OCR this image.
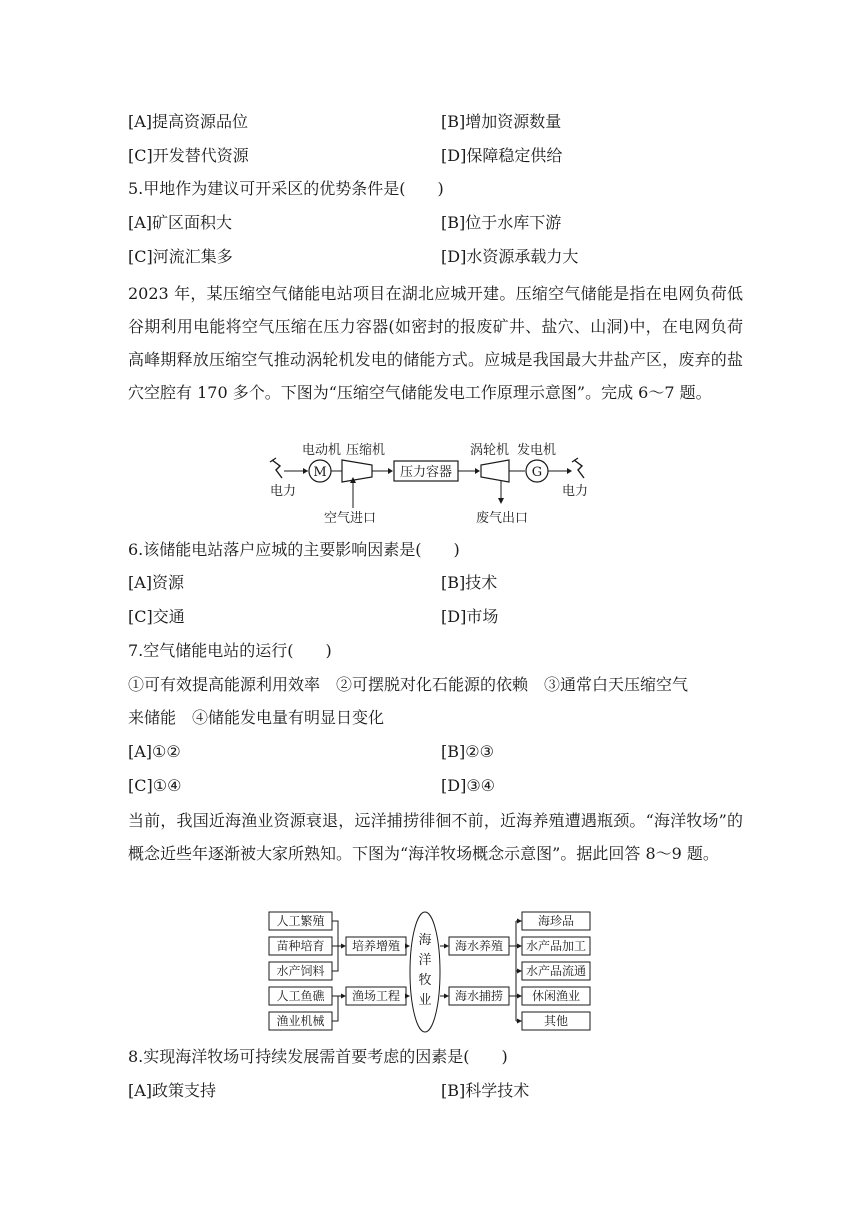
[A]提高资源品位	[B]增加资源数量
[C]开发替代资源	[D]保障稳定供给
5.甲地作为建议可开采区的优势条件是(　　)
[A]矿区面积大	[B]位于水库下游
[C]河流汇集多	[D]水资源承载力大
2023 年，某压缩空气储能电站项目在湖北应城开建。压缩空气储能是指在电网负荷低谷期利用电能将空气压缩在压力容器(如密封的报废矿井、盐穴、山洞)中，在电网负荷高峰期释放压缩空气推动涡轮机发电的储能方式。应城是我国最大井盐产区，废弃的盐穴空腔有 170 多个。下图为“压缩空气储能发电工作原理示意图”。完成 6～7 题。
电力
M
电动机 压缩机
空气进口
压力容器
涡轮机
废气出口
G
发电机
电力
6.该储能电站落户应城的主要影响因素是(　　)
[A]资源	[B]技术
[C]交通	[D]市场
7.空气储能电站的运行(　　)
①可有效提高能源利用效率　②可摆脱对化石能源的依赖　③通常白天压缩空气
来储能　④储能发电量有明显日变化
[A]①②	[B]②③
[C]①④	[D]③④
当前，我国近海渔业资源衰退，远洋捕捞徘徊不前，近海养殖遭遇瓶颈。“海洋牧场”的概念近些年逐渐被大家所熟知。下图为“海洋牧场概念示意图”。据此回答 8～9 题。
人工繁殖
苗种培育
水产饲料
人工鱼礁
渔业机械
培养增殖
渔场工程
海
洋
牧
业
海水养殖
海水捕捞
海珍品
水产品加工
水产品流通
休闲渔业
其他
8.实现海洋牧场可持续发展需首要考虑的因素是(　　)
[A]政策支持	[B]科学技术
